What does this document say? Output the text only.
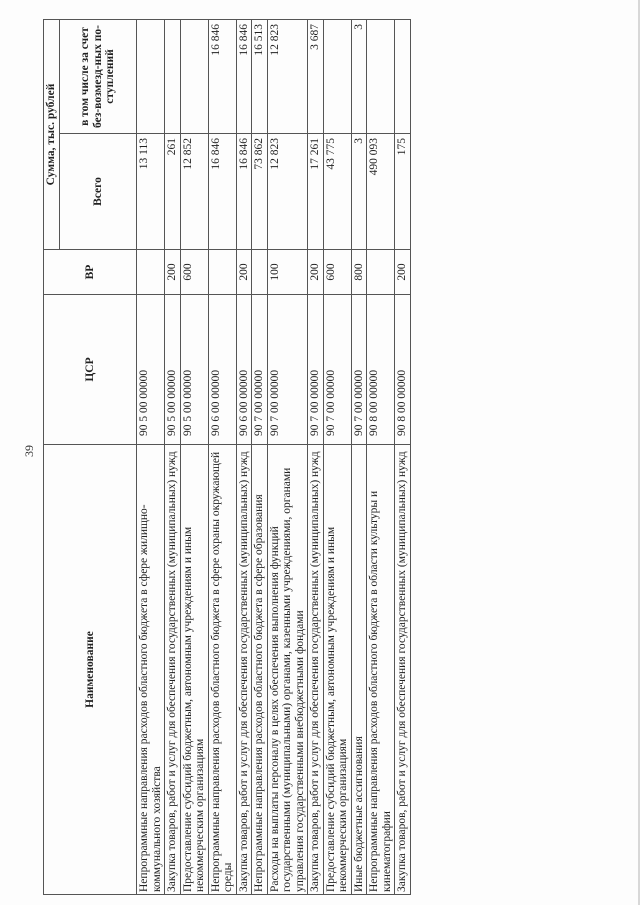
39
Наименование	ЦСР	ВР	Сумма, тыс. рублей	
			Всего	в том числе за счет без-возмезд-ных по-ступлений
Непрограммные направления расходов областного бюджета в сфере жилищно-коммунального хозяйства	90 5 00 00000		13 113	
Закупка товаров, работ и услуг для обеспечения государственных (муниципальных) нужд	90 5 00 00000	200	261	
Предоставление субсидий бюджетным, автономным учреждениям и иным некоммерческим организациям	90 5 00 00000	600	12 852	
Непрограммные направления расходов областного бюджета в сфере охраны окружающей среды	90 6 00 00000		16 846	16 846
Закупка товаров, работ и услуг для обеспечения государственных (муниципальных) нужд	90 6 00 00000	200	16 846	16 846
Непрограммные направления расходов областного бюджета в сфере образования	90 7 00 00000		73 862	16 513
Расходы на выплаты персоналу в целях обеспечения выполнения функций государственными (муниципальными) органами, казенными учреждениями, органами управления государственными внебюджетными фондами	90 7 00 00000	100	12 823	12 823
Закупка товаров, работ и услуг для обеспечения государственных (муниципальных) нужд	90 7 00 00000	200	17 261	3 687
Предоставление субсидий бюджетным, автономным учреждениям и иным некоммерческим организациям	90 7 00 00000	600	43 775	
Иные бюджетные ассигнования	90 7 00 00000	800	3	3
Непрограммные направления расходов областного бюджета в области культуры и кинематографии	90 8 00 00000		490 093	
Закупка товаров, работ и услуг для обеспечения государственных (муниципальных) нужд	90 8 00 00000	200	175	
